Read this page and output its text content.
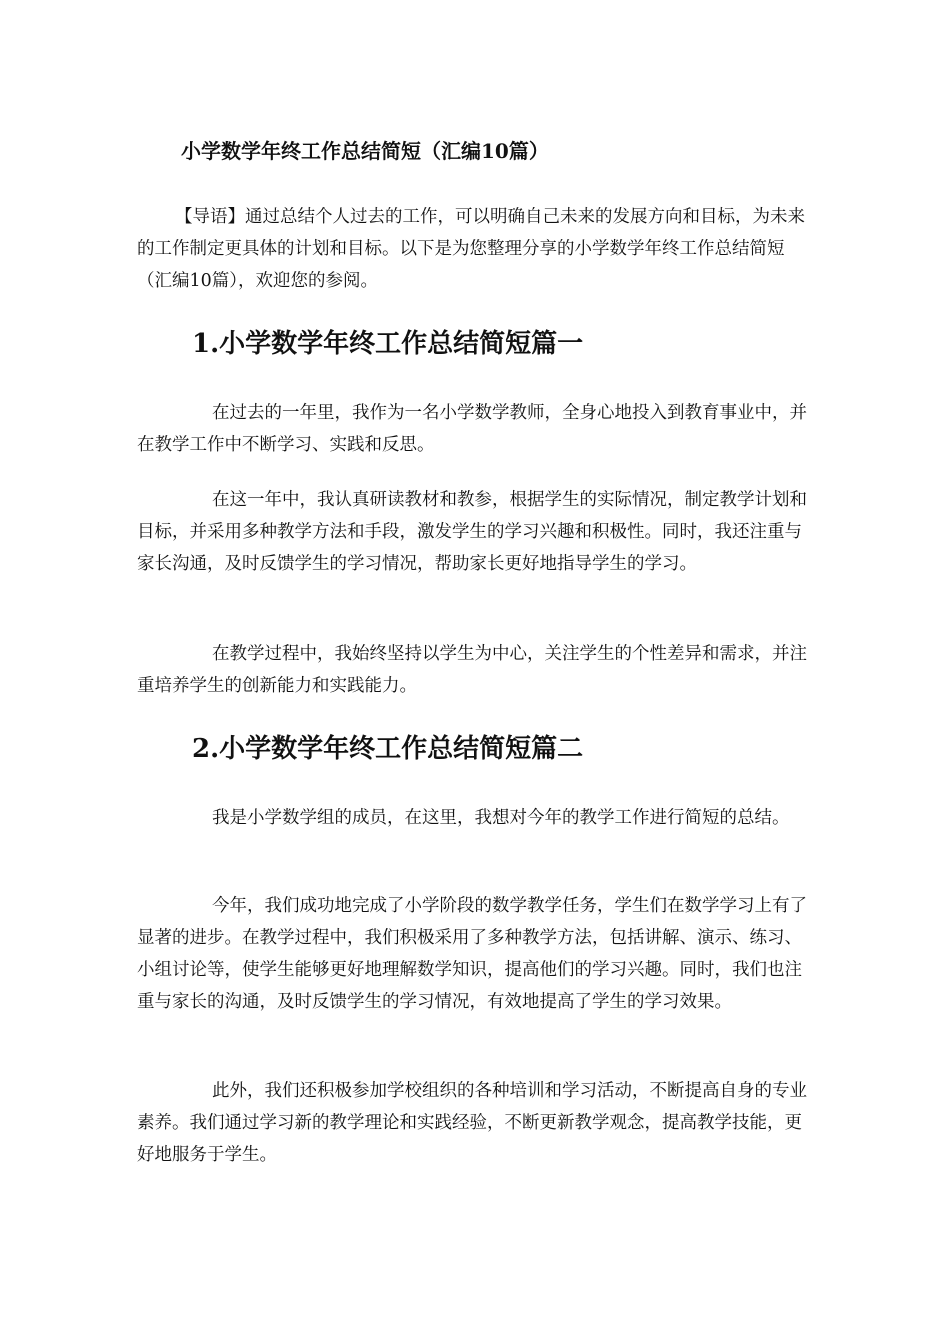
小学数学年终工作总结简短（汇编10篇）

【导语】通过总结个人过去的工作，可以明确自己未来的发展方向和目标，为未来的工作制定更具体的计划和目标。以下是为您整理分享的小学数学年终工作总结简短（汇编10篇），欢迎您的参阅。

1.小学数学年终工作总结简短篇一

在过去的一年里，我作为一名小学数学教师，全身心地投入到教育事业中，并在教学工作中不断学习、实践和反思。

在这一年中，我认真研读教材和教参，根据学生的实际情况，制定教学计划和目标，并采用多种教学方法和手段，激发学生的学习兴趣和积极性。同时，我还注重与家长沟通，及时反馈学生的学习情况，帮助家长更好地指导学生的学习。

在教学过程中，我始终坚持以学生为中心，关注学生的个性差异和需求，并注重培养学生的创新能力和实践能力。

2.小学数学年终工作总结简短篇二

我是小学数学组的成员，在这里，我想对今年的教学工作进行简短的总结。

今年，我们成功地完成了小学阶段的数学教学任务，学生们在数学学习上有了显著的进步。在教学过程中，我们积极采用了多种教学方法，包括讲解、演示、练习、小组讨论等，使学生能够更好地理解数学知识，提高他们的学习兴趣。同时，我们也注重与家长的沟通，及时反馈学生的学习情况，有效地提高了学生的学习效果。

此外，我们还积极参加学校组织的各种培训和学习活动，不断提高自身的专业素养。我们通过学习新的教学理论和实践经验，不断更新教学观念，提高教学技能，更好地服务于学生。
